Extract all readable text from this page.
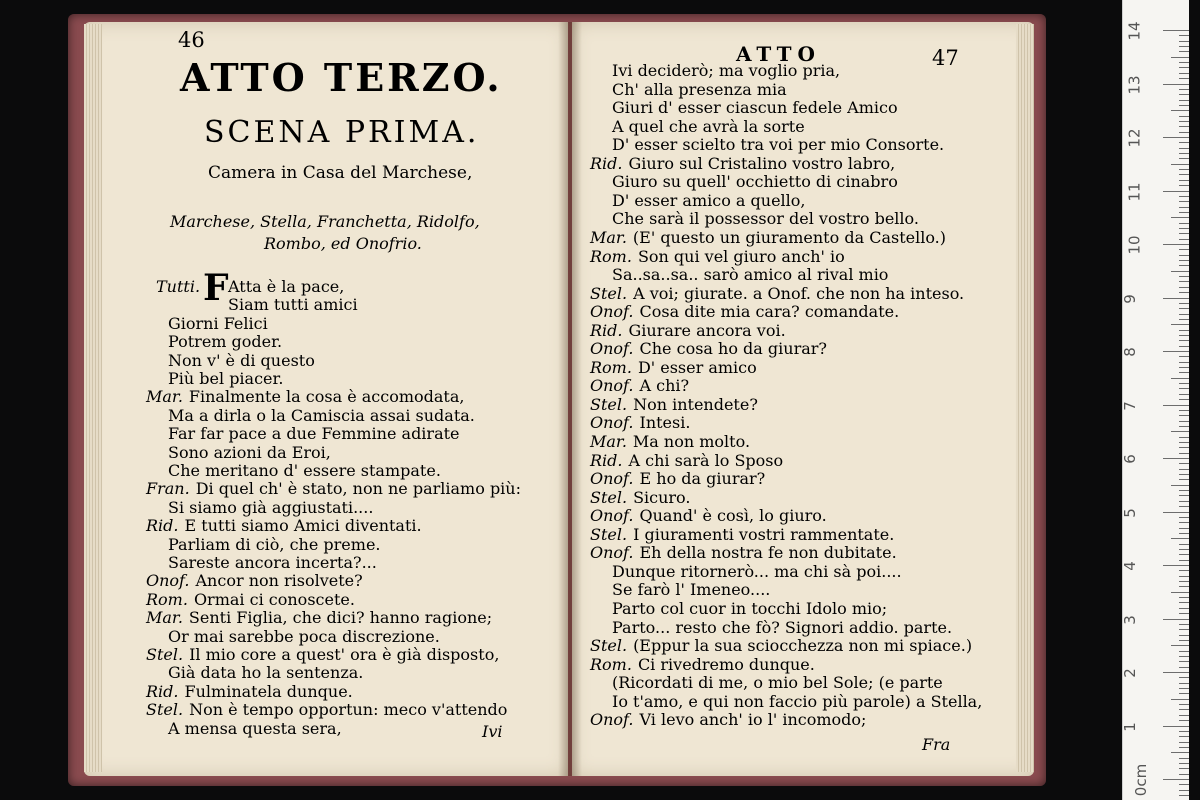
46
ATTO TERZO.
SCENA PRIMA.
Camera in Casa del Marchese,
Marchese, Stella, Franchetta, Ridolfo,
Rombo, ed Onofrio.
Tutti. F Atta è la pace,
Siam tutti amici
Giorni Felici
Potrem goder.
Non v' è di questo
Più bel piacer.
Mar. Finalmente la cosa è accomodata,
Ma a dirla o la Camiscia assai sudata.
Far far pace a due Femmine adirate
Sono azioni da Eroi,
Che meritano d' essere stampate.
Fran. Di quel ch' è stato, non ne parliamo più:
Si siamo già aggiustati....
Rid. E tutti siamo Amici diventati.
Parliam di ciò, che preme.
Sareste ancora incerta?...
Onof. Ancor non risolvete?
Rom. Ormai ci conoscete.
Mar. Senti Figlia, che dici? hanno ragione;
Or mai sarebbe poca discrezione.
Stel. Il mio core a quest' ora è già disposto,
Già data ho la sentenza.
Rid. Fulminatela dunque.
Stel. Non è tempo opportun: meco v'attendo
A mensa questa sera,	Ivi
ATTO	47
Ivi deciderò; ma voglio pria,
Ch' alla presenza mia
Giuri d' esser ciascun fedele Amico
A quel che avrà la sorte
D' esser scielto tra voi per mio Consorte.
Rid. Giuro sul Cristalino vostro labro,
Giuro su quell' occhietto di cinabro
D' esser amico a quello,
Che sarà il possessor del vostro bello.
Mar. (E' questo un giuramento da Castello.)
Rom. Son qui vel giuro anch' io
Sa..sa..sa.. sarò amico al rival mio
Stel. A voi; giurate. a Onof. che non ha inteso.
Onof. Cosa dite mia cara? comandate.
Rid. Giurare ancora voi.
Onof. Che cosa ho da giurar?
Rom. D' esser amico
Onof. A chi?
Stel. Non intendete?
Onof. Intesi.
Mar. Ma non molto.
Rid. A chi sarà lo Sposo
Onof. E ho da giurar?
Stel. Sicuro.
Onof. Quand' è così, lo giuro.
Stel. I giuramenti vostri rammentate.
Onof. Eh della nostra fe non dubitate.
Dunque ritornerò... ma chi sà poi....
Se farò l' Imeneo....
Parto col cuor in tocchi Idolo mio;
Parto... resto che fò? Signori addio. parte.
Stel. (Eppur la sua sciocchezza non mi spiace.)
Rom. Ci rivedremo dunque.
(Ricordati di me, o mio bel Sole; (e parte
Io t'amo, e qui non faccio più parole) a Stella,
Onof. Vi levo anch' io l' incomodo;
Fra
14
13
12
11
10
9
8
7
6
5
4
3
2
1
0cm
